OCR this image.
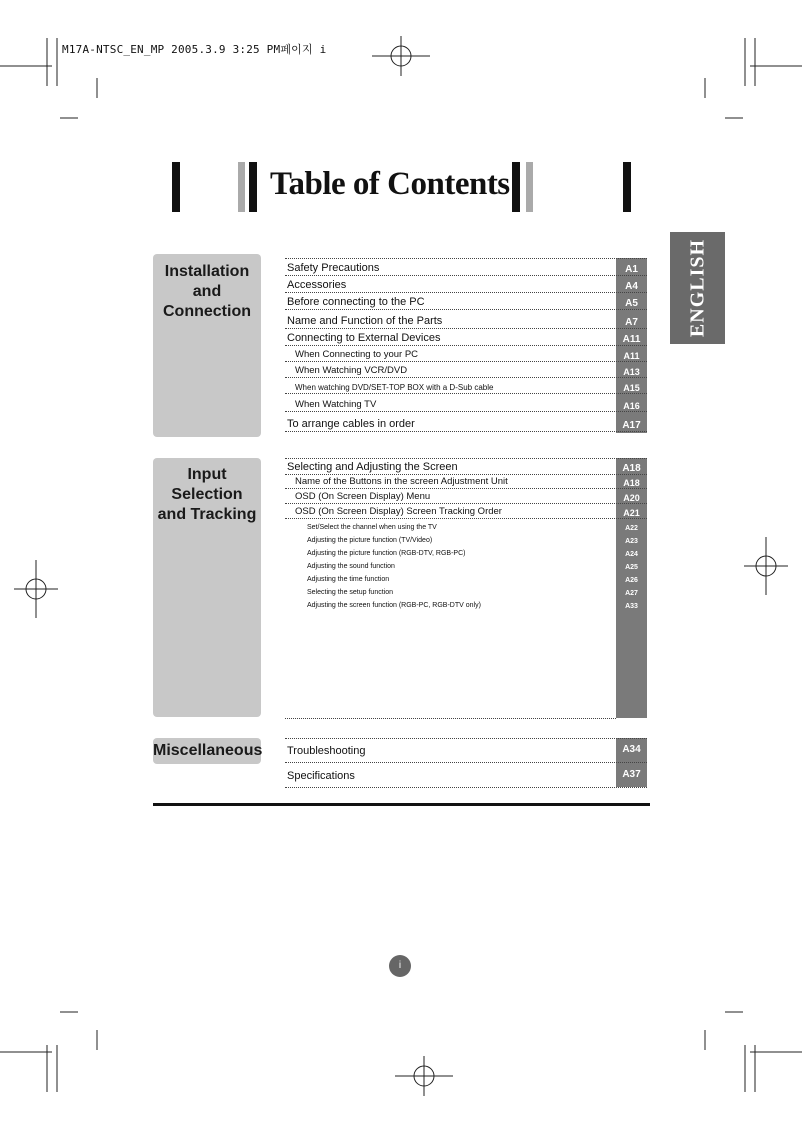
M17A-NTSC_EN_MP 2005.3.9 3:25 PM페이지 i
Table of Contents
ENGLISH
Installation
and
Connection
Safety Precautions	A1
Accessories	A4
Before connecting to the PC	A5
Name and Function of the Parts	A7
Connecting to External Devices	A11
When Connecting to your PC	A11
When Watching VCR/DVD	A13
When watching DVD/SET-TOP BOX with a D-Sub cable	A15
When Watching TV	A16
To arrange cables in order	A17
Input
Selection
and Tracking
Selecting and Adjusting the Screen	A18
Name of the Buttons in the screen Adjustment Unit	A18
OSD (On Screen Display) Menu	A20
OSD (On Screen Display) Screen Tracking Order	A21
Set/Select the channel when using the TV	A22
Adjusting the picture function (TV/Video)	A23
Adjusting the picture function (RGB-DTV, RGB-PC)	A24
Adjusting the sound function	A25
Adjusting the time function	A26
Selecting the setup function	A27
Adjusting the screen function (RGB-PC, RGB-DTV only)	A33
Miscellaneous Troubleshooting	A34
Specifications	A37
i
